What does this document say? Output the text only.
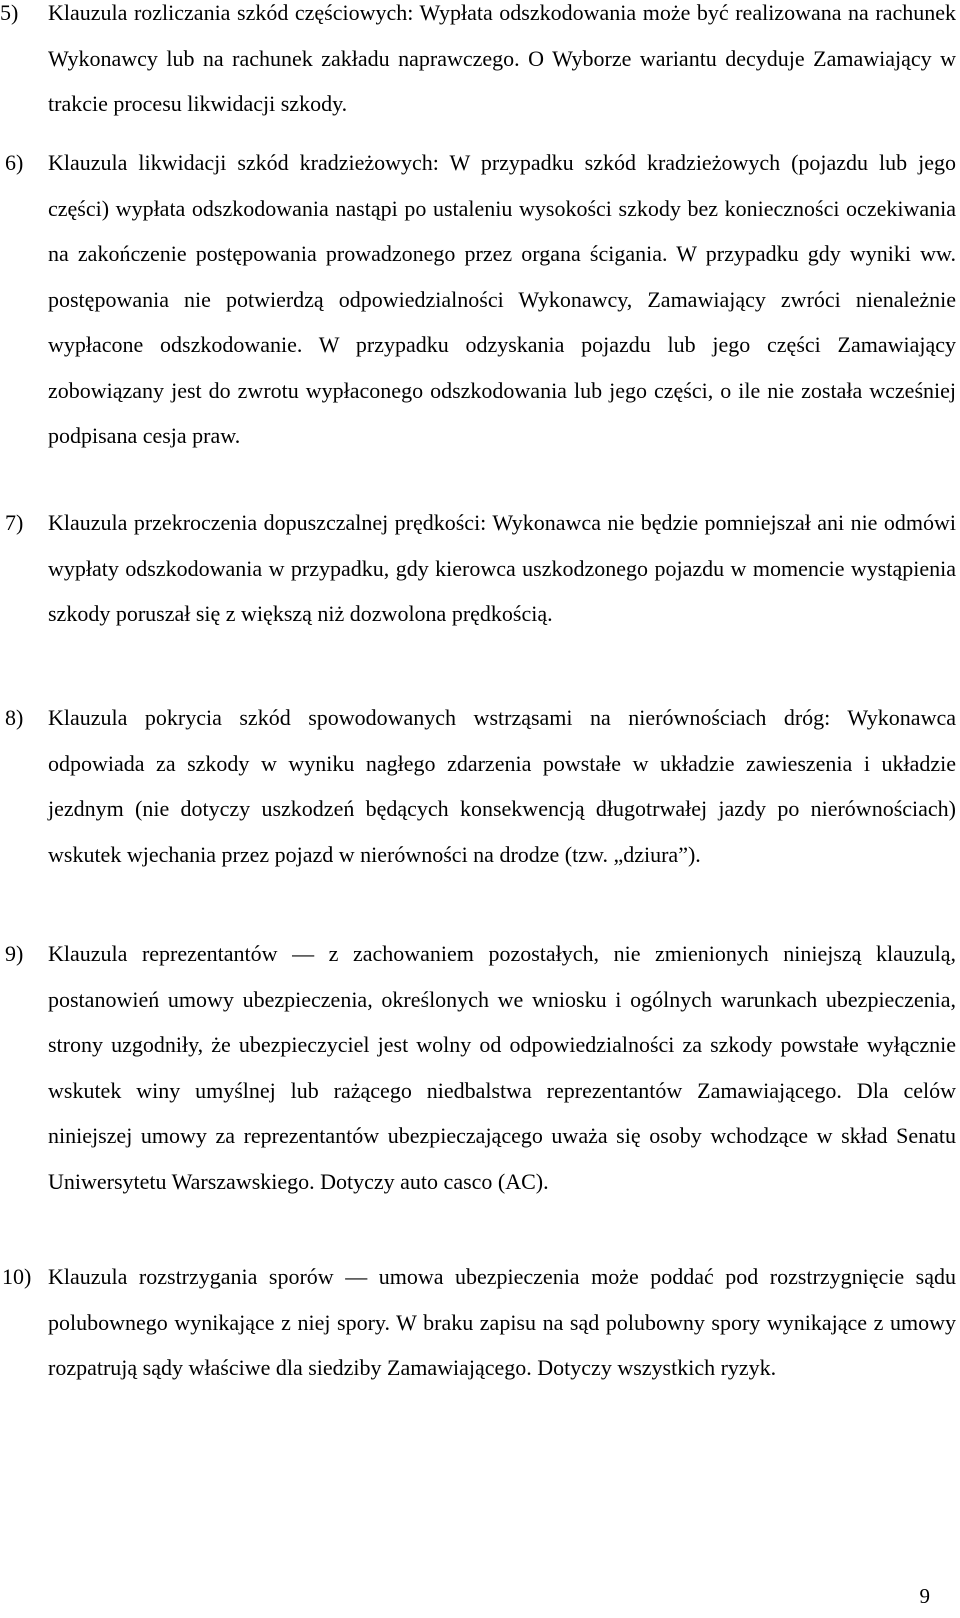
5)	Klauzula rozliczania szkód częściowych: Wypłata odszkodowania może być realizowana na rachunek Wykonawcy lub na rachunek zakładu naprawczego. O Wyborze wariantu decyduje Zamawiający w trakcie procesu likwidacji szkody.
6)	Klauzula likwidacji szkód kradzieżowych: W przypadku szkód kradzieżowych (pojazdu lub jego części) wypłata odszkodowania nastąpi po ustaleniu wysokości szkody bez konieczności oczekiwania na zakończenie postępowania prowadzonego przez organa ścigania. W przypadku gdy wyniki ww. postępowania nie potwierdzą odpowiedzialności Wykonawcy, Zamawiający zwróci nienależnie wypłacone odszkodowanie. W przypadku odzyskania pojazdu lub jego części Zamawiający zobowiązany jest do zwrotu wypłaconego odszkodowania lub jego części, o ile nie została wcześniej podpisana cesja praw.
7)	Klauzula przekroczenia dopuszczalnej prędkości: Wykonawca nie będzie pomniejszał ani nie odmówi wypłaty odszkodowania w przypadku, gdy kierowca uszkodzonego pojazdu w momencie wystąpienia szkody poruszał się z większą niż dozwolona prędkością.
8)	Klauzula pokrycia szkód spowodowanych wstrząsami na nierównościach dróg: Wykonawca odpowiada za szkody w wyniku nagłego zdarzenia powstałe w układzie zawieszenia i układzie jezdnym (nie dotyczy uszkodzeń będących konsekwencją długotrwałej jazdy po nierównościach) wskutek wjechania przez pojazd w nierówności na drodze (tzw. „dziura”).
9)	Klauzula reprezentantów — z zachowaniem pozostałych, nie zmienionych niniejszą klauzulą, postanowień umowy ubezpieczenia, określonych we wniosku i ogólnych warunkach ubezpieczenia, strony uzgodniły, że ubezpieczyciel jest wolny od odpowiedzialności za szkody powstałe wyłącznie wskutek winy umyślnej lub rażącego niedbalstwa reprezentantów Zamawiającego. Dla celów niniejszej umowy za reprezentantów ubezpieczającego uważa się osoby wchodzące w skład Senatu Uniwersytetu Warszawskiego. Dotyczy auto casco (AC).
10) Klauzula rozstrzygania sporów — umowa ubezpieczenia może poddać pod rozstrzygnięcie sądu polubownego wynikające z niej spory. W braku zapisu na sąd polubowny spory wynikające z umowy rozpatrują sądy właściwe dla siedziby Zamawiającego. Dotyczy wszystkich ryzyk.
9
